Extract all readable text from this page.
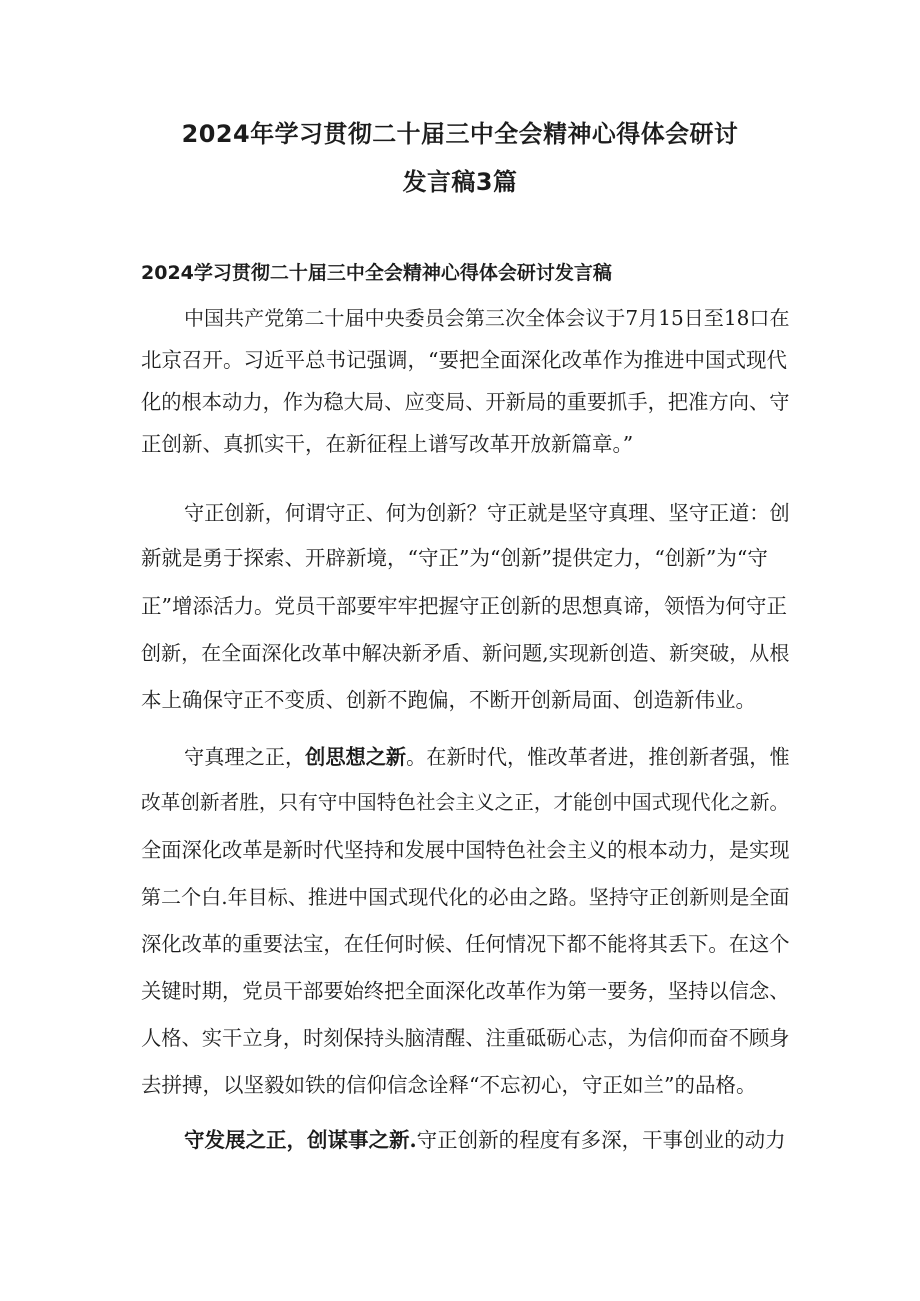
2024年学习贯彻二十届三中全会精神心得体会研讨
发言稿3篇
2024学习贯彻二十届三中全会精神心得体会研讨发言稿
中国共产党第二十届中央委员会第三次全体会议于7月15日至18口在
北京召开。习近平总书记强调，“要把全面深化改革作为推进中国式现代
化的根本动力，作为稳大局、应变局、开新局的重要抓手，把准方向、守
正创新、真抓实干，在新征程上谱写改革开放新篇章。”
守正创新，何谓守正、何为创新？守正就是坚守真理、坚守正道：创
新就是勇于探索、开辟新境，“守正”为“创新”提供定力，“创新”为“守
正”增添活力。党员干部要牢牢把握守正创新的思想真谛，领悟为何守正
创新，在全面深化改革中解决新矛盾、新问题,实现新创造、新突破，从根
本上确保守正不变质、创新不跑偏，不断开创新局面、创造新伟业。
守真理之正，创思想之新。在新时代，惟改革者进，推创新者强，惟
改革创新者胜，只有守中国特色社会主义之正，才能创中国式现代化之新。
全面深化改革是新时代坚持和发展中国特色社会主义的根本动力，是实现
第二个白.年目标、推进中国式现代化的必由之路。坚持守正创新则是全面
深化改革的重要法宝，在任何时候、任何情况下都不能将其丢下。在这个
关键时期，党员干部要始终把全面深化改革作为第一要务，坚持以信念、
人格、实干立身，时刻保持头脑清醒、注重砥砺心志，为信仰而奋不顾身
去拼搏，以坚毅如铁的信仰信念诠释“不忘初心，守正如兰”的品格。
守发展之正，创谋事之新.守正创新的程度有多深，干事创业的动力
